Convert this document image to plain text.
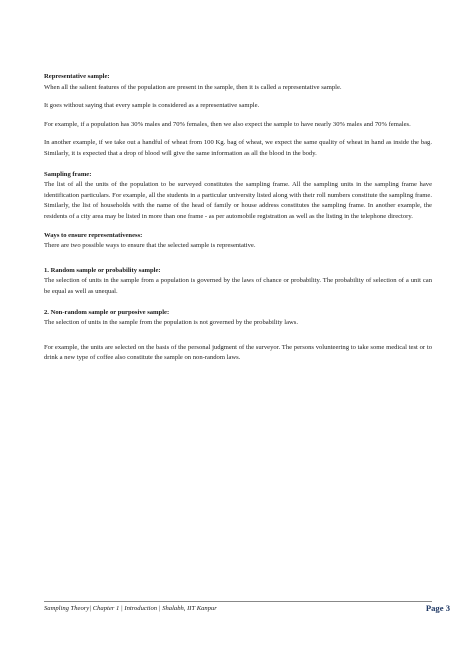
Representative sample:

When all the salient features of the population are present in the sample, then it is called a representative sample.

It goes without saying that every sample is considered as a representative sample.

For example, if a population has 30% males and 70% females, then we also expect the sample to have nearly 30% males and 70% females.

In another example, if we take out a handful of wheat from 100 Kg. bag of wheat, we expect the same quality of wheat in hand as inside the bag. Similarly, it is expected that a drop of blood will give the same information as all the blood in the body.

Sampling frame:

The list of all the units of the population to be surveyed constitutes the sampling frame. All the sampling units in the sampling frame have identification particulars. For example, all the students in a particular university listed along with their roll numbers constitute the sampling frame. Similarly, the list of households with the name of the head of family or house address constitutes the sampling frame. In another example, the residents of a city area may be listed in more than one frame - as per automobile registration as well as the listing in the telephone directory.

Ways to ensure representativeness:

There are two possible ways to ensure that the selected sample is representative.

1. Random sample or probability sample:

The selection of units in the sample from a population is governed by the laws of chance or probability. The probability of selection of a unit can be equal as well as unequal.

2. Non-random sample or purposive sample:

The selection of units in the sample from the population is not governed by the probability laws.

For example, the units are selected on the basis of the personal judgment of the surveyor. The persons volunteering to take some medical test or to drink a new type of coffee also constitute the sample on non-random laws.

Sampling Theory| Chapter 1 | Introduction | Shalabh, IIT Kanpur	Page 3
